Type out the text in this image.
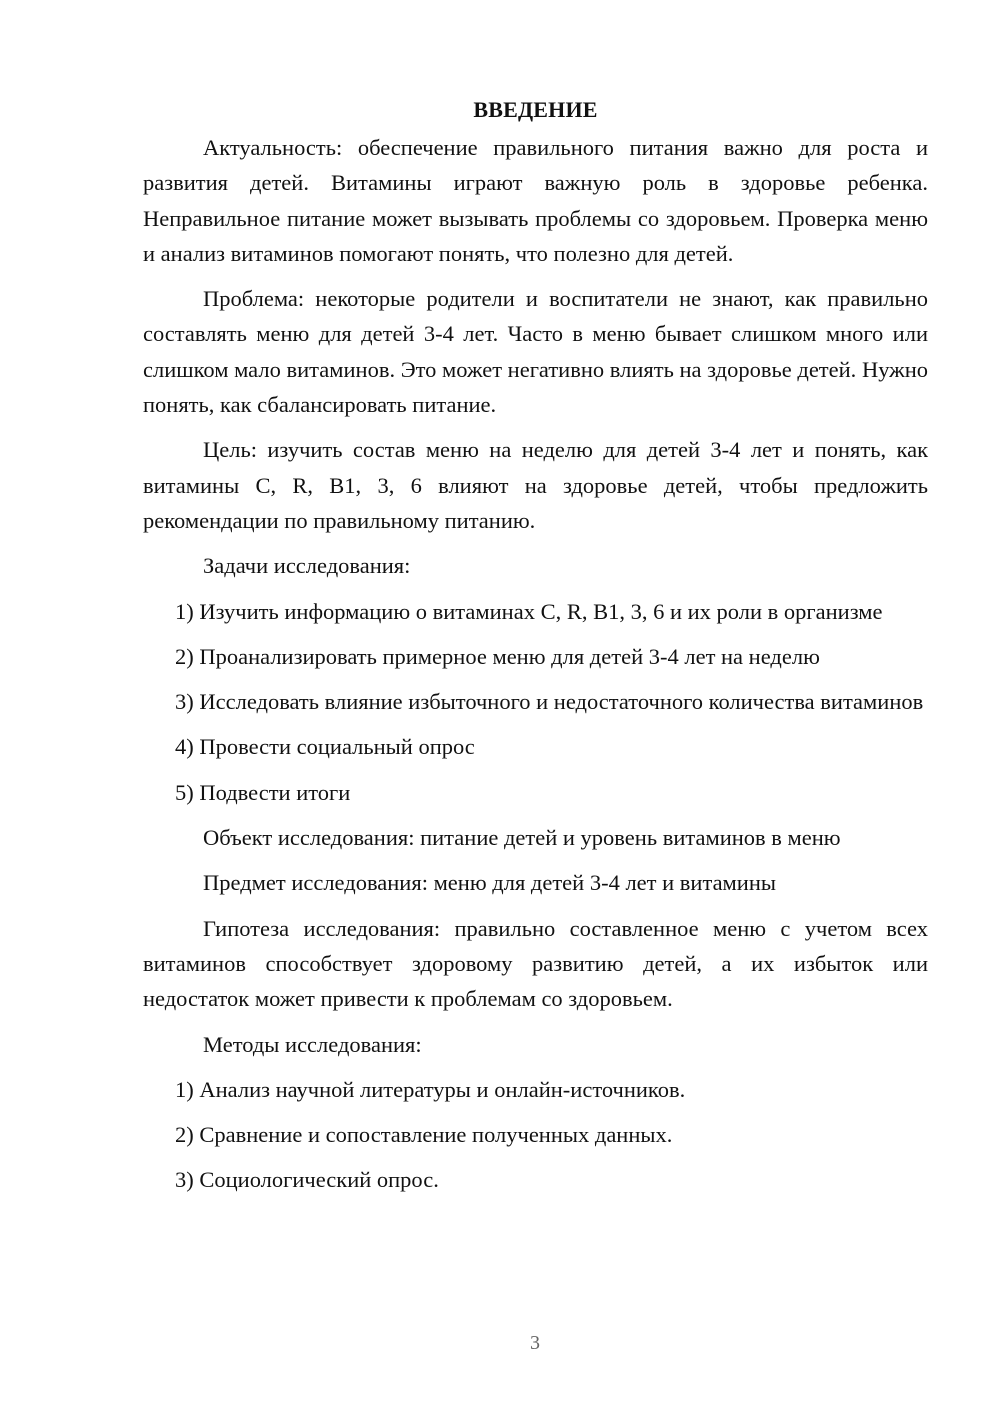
ВВЕДЕНИЕ

Актуальность: обеспечение правильного питания важно для роста и развития детей. Витамины играют важную роль в здоровье ребенка. Неправильное питание может вызывать проблемы со здоровьем. Проверка меню и анализ витаминов помогают понять, что полезно для детей.

Проблема: некоторые родители и воспитатели не знают, как правильно составлять меню для детей 3-4 лет. Часто в меню бывает слишком много или слишком мало витаминов. Это может негативно влиять на здоровье детей. Нужно понять, как сбалансировать питание.

Цель: изучить состав меню на неделю для детей 3-4 лет и понять, как витамины C, R, B1, 3, 6 влияют на здоровье детей, чтобы предложить рекомендации по правильному питанию.

Задачи исследования:

1) Изучить информацию о витаминах C, R, B1, 3, 6 и их роли в организме

2) Проанализировать примерное меню для детей 3-4 лет на неделю

3) Исследовать влияние избыточного и недостаточного количества витаминов

4) Провести социальный опрос

5) Подвести итоги

Объект исследования: питание детей и уровень витаминов в меню

Предмет исследования: меню для детей 3-4 лет и витамины

Гипотеза исследования: правильно составленное меню с учетом всех витаминов способствует здоровому развитию детей, а их избыток или недостаток может привести к проблемам со здоровьем.

Методы исследования:

1) Анализ научной литературы и онлайн-источников.

2) Сравнение и сопоставление полученных данных.

3) Социологический опрос.

3
